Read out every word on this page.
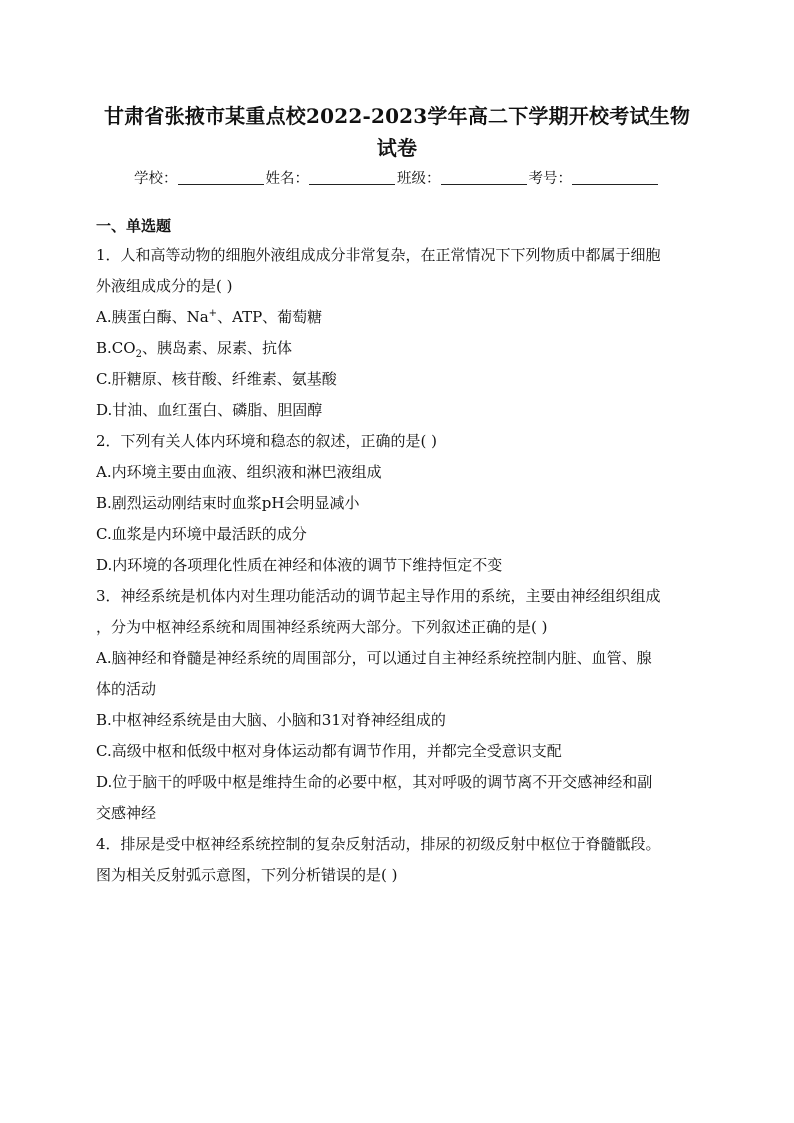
甘肃省张掖市某重点校2022-2023学年高二下学期开校考试生物试卷
学校：	姓名：	班级：	考号：
一、单选题
1．人和高等动物的细胞外液组成成分非常复杂，在正常情况下下列物质中都属于细胞
外液组成成分的是( )
A.胰蛋白酶、Na+、ATP、葡萄糖
$B.CO_2$、胰岛素、尿素、抗体
C.肝糖原、核苷酸、纤维素、氨基酸
D.甘油、血红蛋白、磷脂、胆固醇
2．下列有关人体内环境和稳态的叙述，正确的是( )
A.内环境主要由血液、组织液和淋巴液组成
B.剧烈运动刚结束时血浆pH会明显减小
C.血浆是内环境中最活跃的成分
D.内环境的各项理化性质在神经和体液的调节下维持恒定不变
3．神经系统是机体内对生理功能活动的调节起主导作用的系统，主要由神经组织组成
，分为中枢神经系统和周围神经系统两大部分。下列叙述正确的是( )
A.脑神经和脊髓是神经系统的周围部分，可以通过自主神经系统控制内脏、血管、腺
体的活动
B.中枢神经系统是由大脑、小脑和31对脊神经组成的
C.高级中枢和低级中枢对身体运动都有调节作用，并都完全受意识支配
D.位于脑干的呼吸中枢是维持生命的必要中枢，其对呼吸的调节离不开交感神经和副
交感神经
4．排尿是受中枢神经系统控制的复杂反射活动，排尿的初级反射中枢位于脊髓骶段。
图为相关反射弧示意图，下列分析错误的是( )
